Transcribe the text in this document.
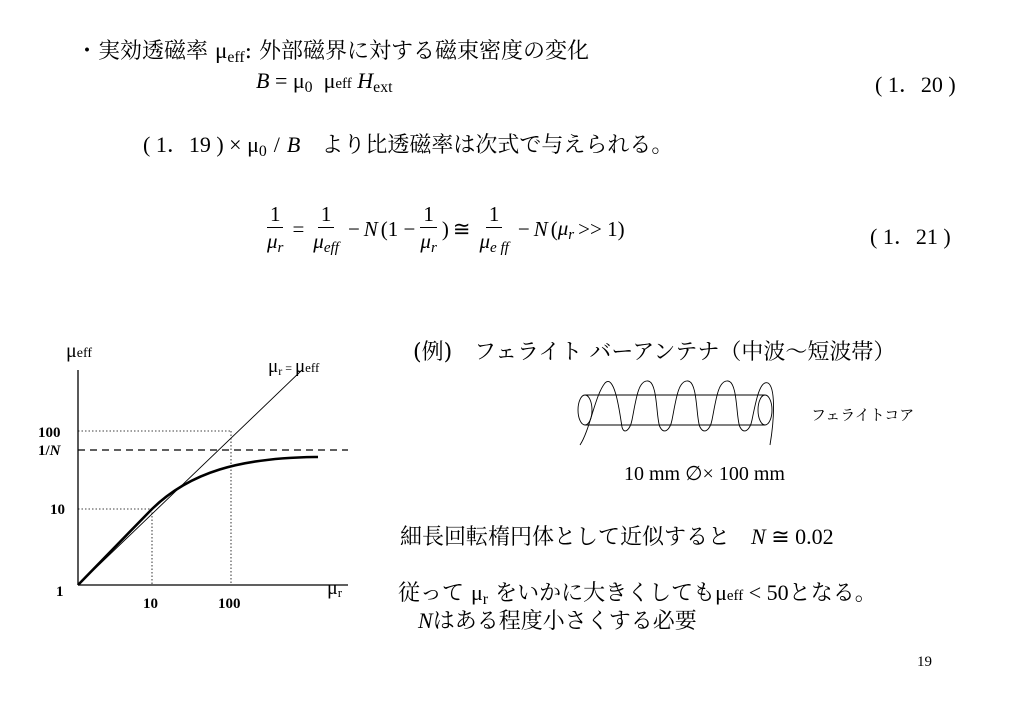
・実効透磁率 $\mu_{eff}$: 外部磁界に対する磁束密度の変化
$B = \mu_0$ μeff $H_{ext}$	( 1．20 )
( 1．19 ) × $\mu_0$ / B より比透磁率は次式で与えられる。
$\frac{1}{\mu_r} = \frac{1}{\mu_{eff}} - N$ ($1 - \frac{1}{\mu_r}$ ) ≅ $\frac{1}{\mu_{e ff}} - N$ ( $\mu_r >> 1$)	( 1．21 )
μeff
μr
μr = μeff
100
1/N
10
1
10	100
(例)　フェライト バーアンテナ（中波～短波帯）
フェライトコア
10 mm ∅× 100 mm
細長回転楕円体として近似すると N ≅ 0.02
従って $\mu_r$ をいかに大きくしてもμeff < 50となる。
Nはある程度小さくする必要
19
